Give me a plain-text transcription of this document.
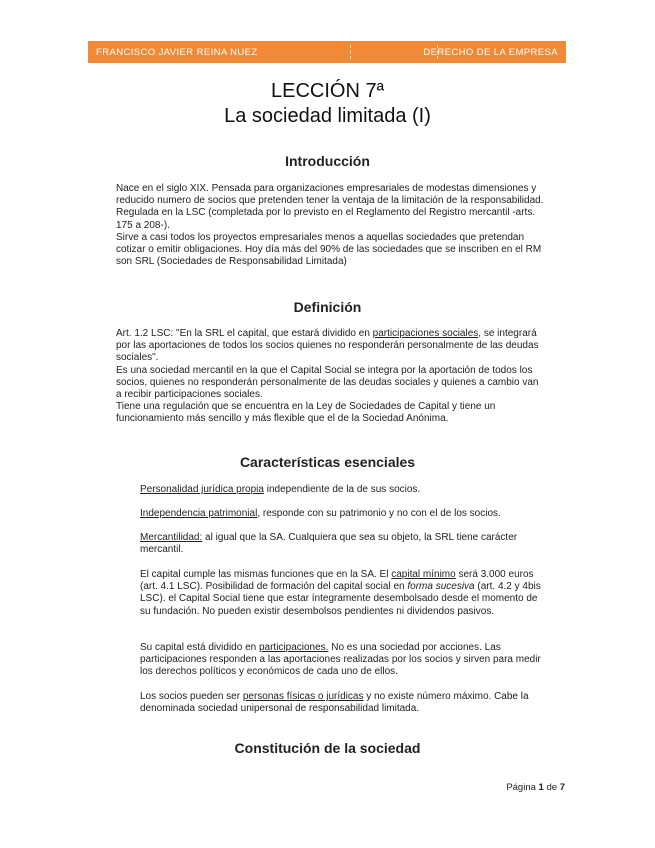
FRANCISCO JAVIER REINA NUEZ	DERECHO DE LA EMPRESA
LECCIÓN 7ª
La sociedad limitada (I)
Introducción
Nace en el siglo XIX. Pensada para organizaciones empresariales de modestas dimensiones y reducido numero de socios que pretenden tener la ventaja de la limitación de la responsabilidad.
Regulada en la LSC (completada por lo previsto en el Reglamento del Registro mercantil -arts. 175 a 208-).
Sirve a casi todos los proyectos empresariales menos a aquellas sociedades que pretendan cotizar o emitir obligaciones. Hoy día más del 90% de las sociedades que se inscriben en el RM son SRL (Sociedades de Responsabilidad Limitada)
Definición
Art. 1.2 LSC: "En la SRL el capital, que estará dividido en participaciones sociales, se integrará por las aportaciones de todos los socios quienes no responderán personalmente de las deudas sociales".
Es una sociedad mercantil en la que el Capital Social se integra por la aportación de todos los socios, quienes no responderán personalmente de las deudas sociales y quienes a cambio van a recibir participaciones sociales.
Tiene una regulación que se encuentra en la Ley de Sociedades de Capital y tiene un funcionamiento más sencillo y más flexible que el de la Sociedad Anónima.
Características esenciales
Personalidad jurídica propia independiente de la de sus socios.
Independencia patrimonial, responde con su patrimonio y no con el de los socios.
Mercantilidad: al igual que la SA. Cualquiera que sea su objeto, la SRL tiene carácter mercantil.
El capital cumple las mismas funciones que en la SA. El capital mínimo será 3.000 euros (art. 4.1 LSC). Posibilidad de formación del capital social en forma sucesiva (art. 4.2 y 4bis LSC). el Capital Social tiene que estar íntegramente desembolsado desde el momento de su fundación. No pueden existir desembolsos pendientes ni dividendos pasivos.
Su capital está dividido en participaciones. No es una sociedad por acciones. Las participaciones responden a las aportaciones realizadas por los socios y sirven para medir los derechos políticos y económicos de cada uno de ellos.
Los socios pueden ser personas físicas o jurídicas y no existe número máximo. Cabe la denominada sociedad unipersonal de responsabilidad limitada.
Constitución de la sociedad
Página 1 de 7
